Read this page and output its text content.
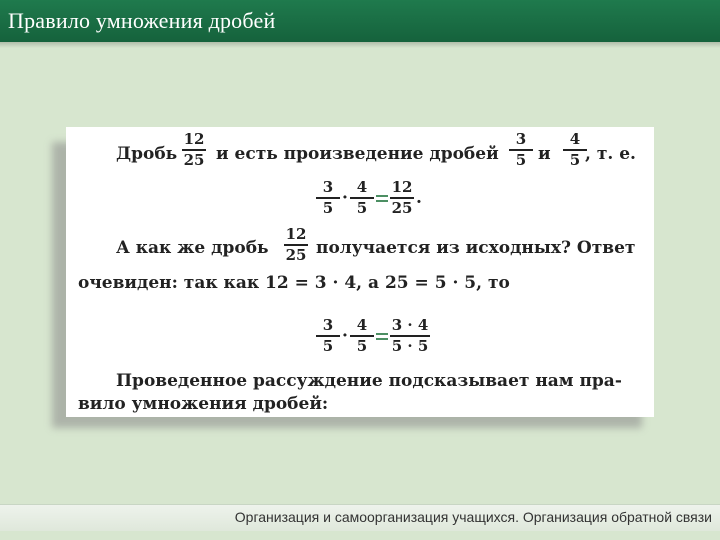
Правило умножения дробей
Дробь
12
25 и есть произведение дробей
3
5 и
4
5 , т. е.
3
5 ·
4
5
12
25 .
А как же дробь
12
25 получается из исходных? Ответ
очевиден: так как 12 = 3 · 4, а 25 = 5 · 5, то
3
5 ·
4
5
3 · 4
5 · 5
Проведенное рассуждение подсказывает нам пра-
вило умножения дробей:
Организация и самоорганизация учащихся. Организация обратной связи
